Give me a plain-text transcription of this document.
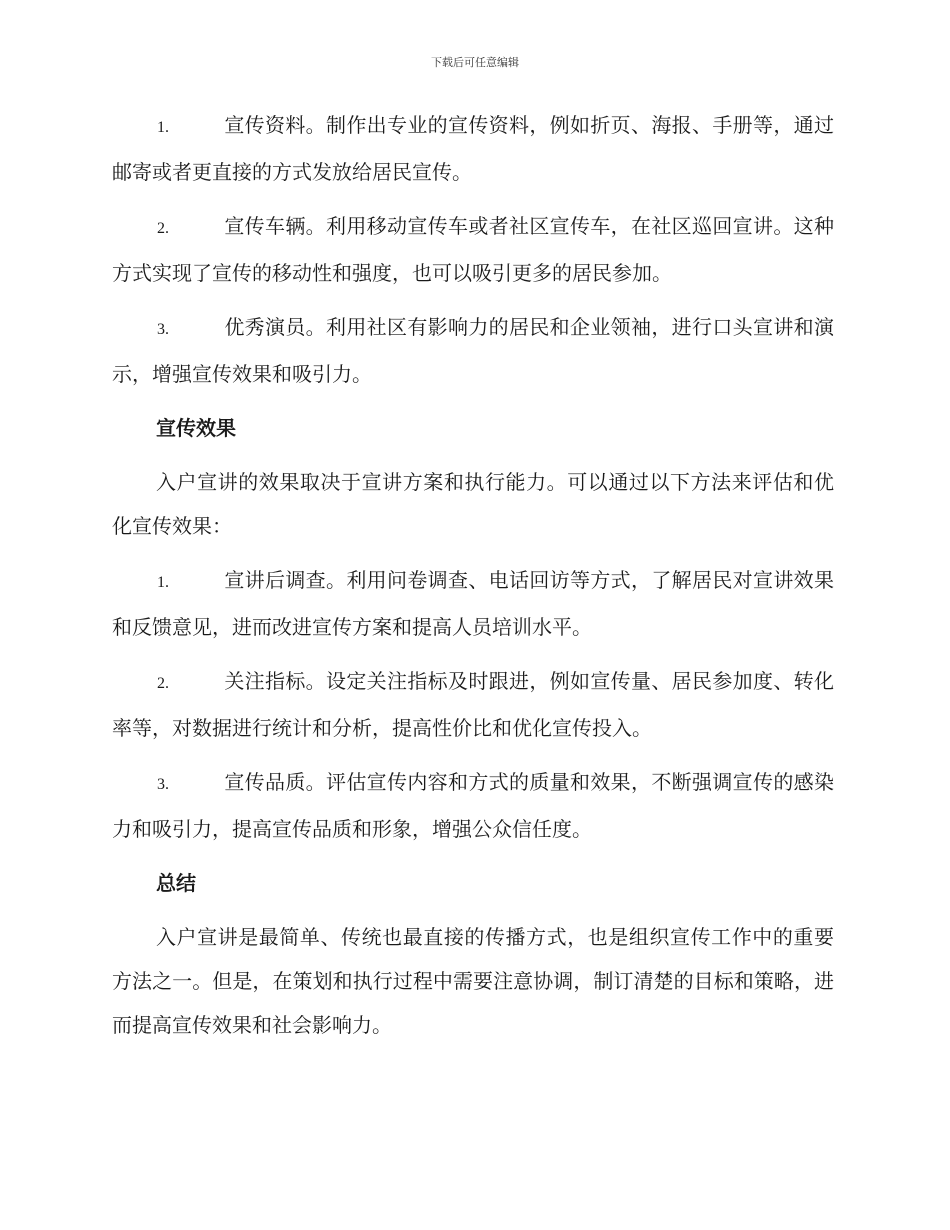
下载后可任意编辑
1.	宣传资料。制作出专业的宣传资料，例如折页、海报、手册等，通过邮寄或者更直接的方式发放给居民宣传。
2.	宣传车辆。利用移动宣传车或者社区宣传车，在社区巡回宣讲。这种方式实现了宣传的移动性和强度，也可以吸引更多的居民参加。
3.	优秀演员。利用社区有影响力的居民和企业领袖，进行口头宣讲和演示，增强宣传效果和吸引力。
宣传效果

入户宣讲的效果取决于宣讲方案和执行能力。可以通过以下方法来评估和优化宣传效果：

1.	宣讲后调查。利用问卷调查、电话回访等方式，了解居民对宣讲效果和反馈意见，进而改进宣传方案和提高人员培训水平。
2.	关注指标。设定关注指标及时跟进，例如宣传量、居民参加度、转化率等，对数据进行统计和分析，提高性价比和优化宣传投入。
3.	宣传品质。评估宣传内容和方式的质量和效果，不断强调宣传的感染力和吸引力，提高宣传品质和形象，增强公众信任度。
总结

入户宣讲是最简单、传统也最直接的传播方式，也是组织宣传工作中的重要方法之一。但是，在策划和执行过程中需要注意协调，制订清楚的目标和策略，进而提高宣传效果和社会影响力。
